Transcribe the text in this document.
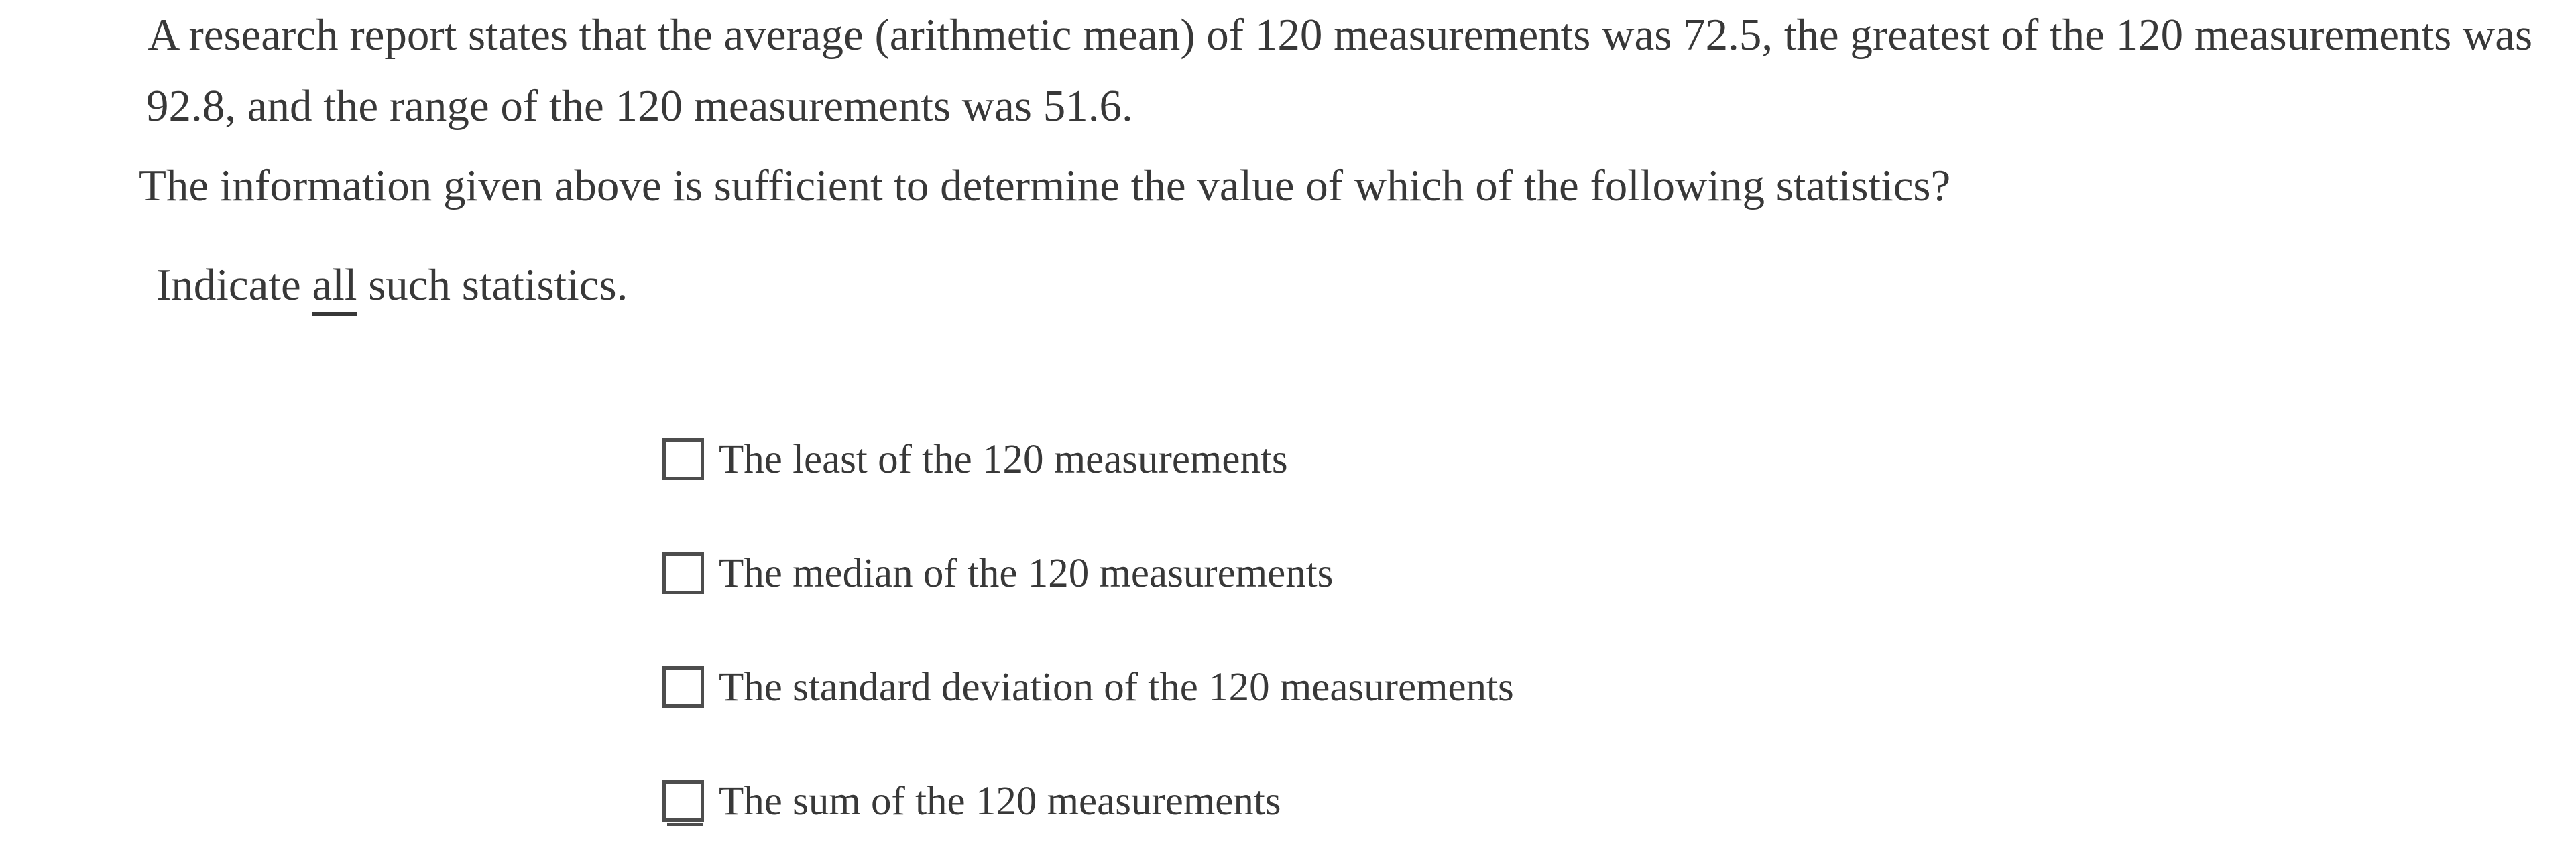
A research report states that the average (arithmetic mean) of 120 measurements was 72.5, the greatest of the 120 measurements was
92.8, and the range of the 120 measurements was 51.6.
The information given above is sufficient to determine the value of which of the following statistics?
Indicate all such statistics.
The least of the 120 measurements
The median of the 120 measurements
The standard deviation of the 120 measurements
The sum of the 120 measurements
